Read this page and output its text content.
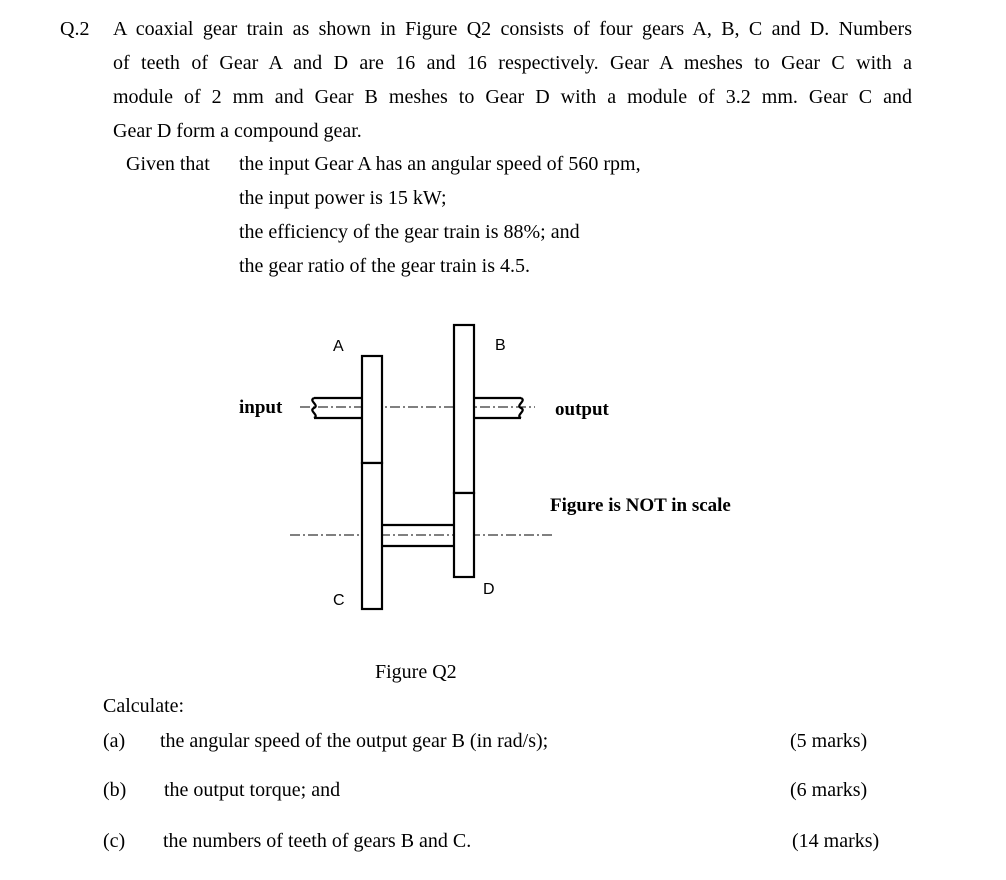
Q.2 A coaxial gear train as shown in Figure Q2 consists of four gears A, B, C and D. Numbers
of teeth of Gear A and D are 16 and 16 respectively. Gear A meshes to Gear C with a
module of 2 mm and Gear B meshes to Gear D with a module of 3.2 mm. Gear C and
Gear D form a compound gear.
Given that the input Gear A has an angular speed of 560 rpm,
the input power is 15 kW;
the efficiency of the gear train is 88%; and
the gear ratio of the gear train is 4.5.
A	B
C
D
input	output
Figure is NOT in scale
Figure Q2
Calculate:
(a) the angular speed of the output gear B (in rad/s);	(5 marks)
(b) the output torque; and	(6 marks)
(c) the numbers of teeth of gears B and C.	(14 marks)
